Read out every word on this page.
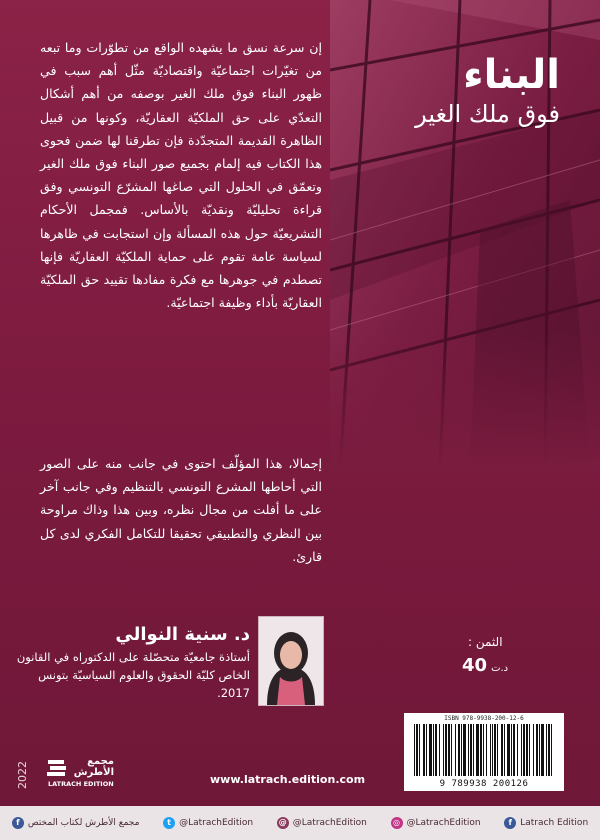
البناء
فوق ملك الغير

إن سرعة نسق ما يشهده الواقع من تطوّرات وما تبعه من تغيّرات اجتماعيّة واقتصاديّة مثّل أهم سبب في ظهور البناء فوق ملك الغير بوصفه من أهم أشكال التعدّي على حق الملكيّة العقاريّة، وكونها من قبيل الظاهرة القديمة المتجدّدة فإن تطرقنا لها ضمن فحوى هذا الكتاب فيه إلمام بجميع صور البناء فوق ملك الغير وتعمّق في الحلول التي صاغها المشرّع التونسي وفق قراءة تحليليّة ونقديّة بالأساس. فمجمل الأحكام التشريعيّة حول هذه المسألة وإن استجابت في ظاهرها لسياسة عامة تقوم على حماية الملكيّة العقاريّة فإنها تصطدم في جوهرها مع فكرة مفادها تقييد حق الملكيّة العقاريّة بأداء وظيفة اجتماعيّة.

إجمالا، هذا المؤلّف احتوى في جانب منه على الصور التي أحاطها المشرع التونسي بالتنظيم وفي جانب آخر على ما أفلت من مجال نظره، وبين هذا وذاك مراوحة بين النظري والتطبيقي تحقيقا للتكامل الفكري لدى كل قارئ.

د. سنية النوالي
أستاذة جامعيّة متحصّلة على الدكتوراه في القانون الخاص كليّة الحقوق والعلوم السياسيّة بتونس 2017.
الثمن :
40 د.ت
ISBN 978-9938-200-12-6
9 789938 200126
2022	مجمع الأطرش
LATRACH EDITION	www.latrach.edition.com
f Latrach Edition
◎ @LatrachEdition
@ @LatrachEdition
t @LatrachEdition
f مجمع الأطرش لكتاب المختص
